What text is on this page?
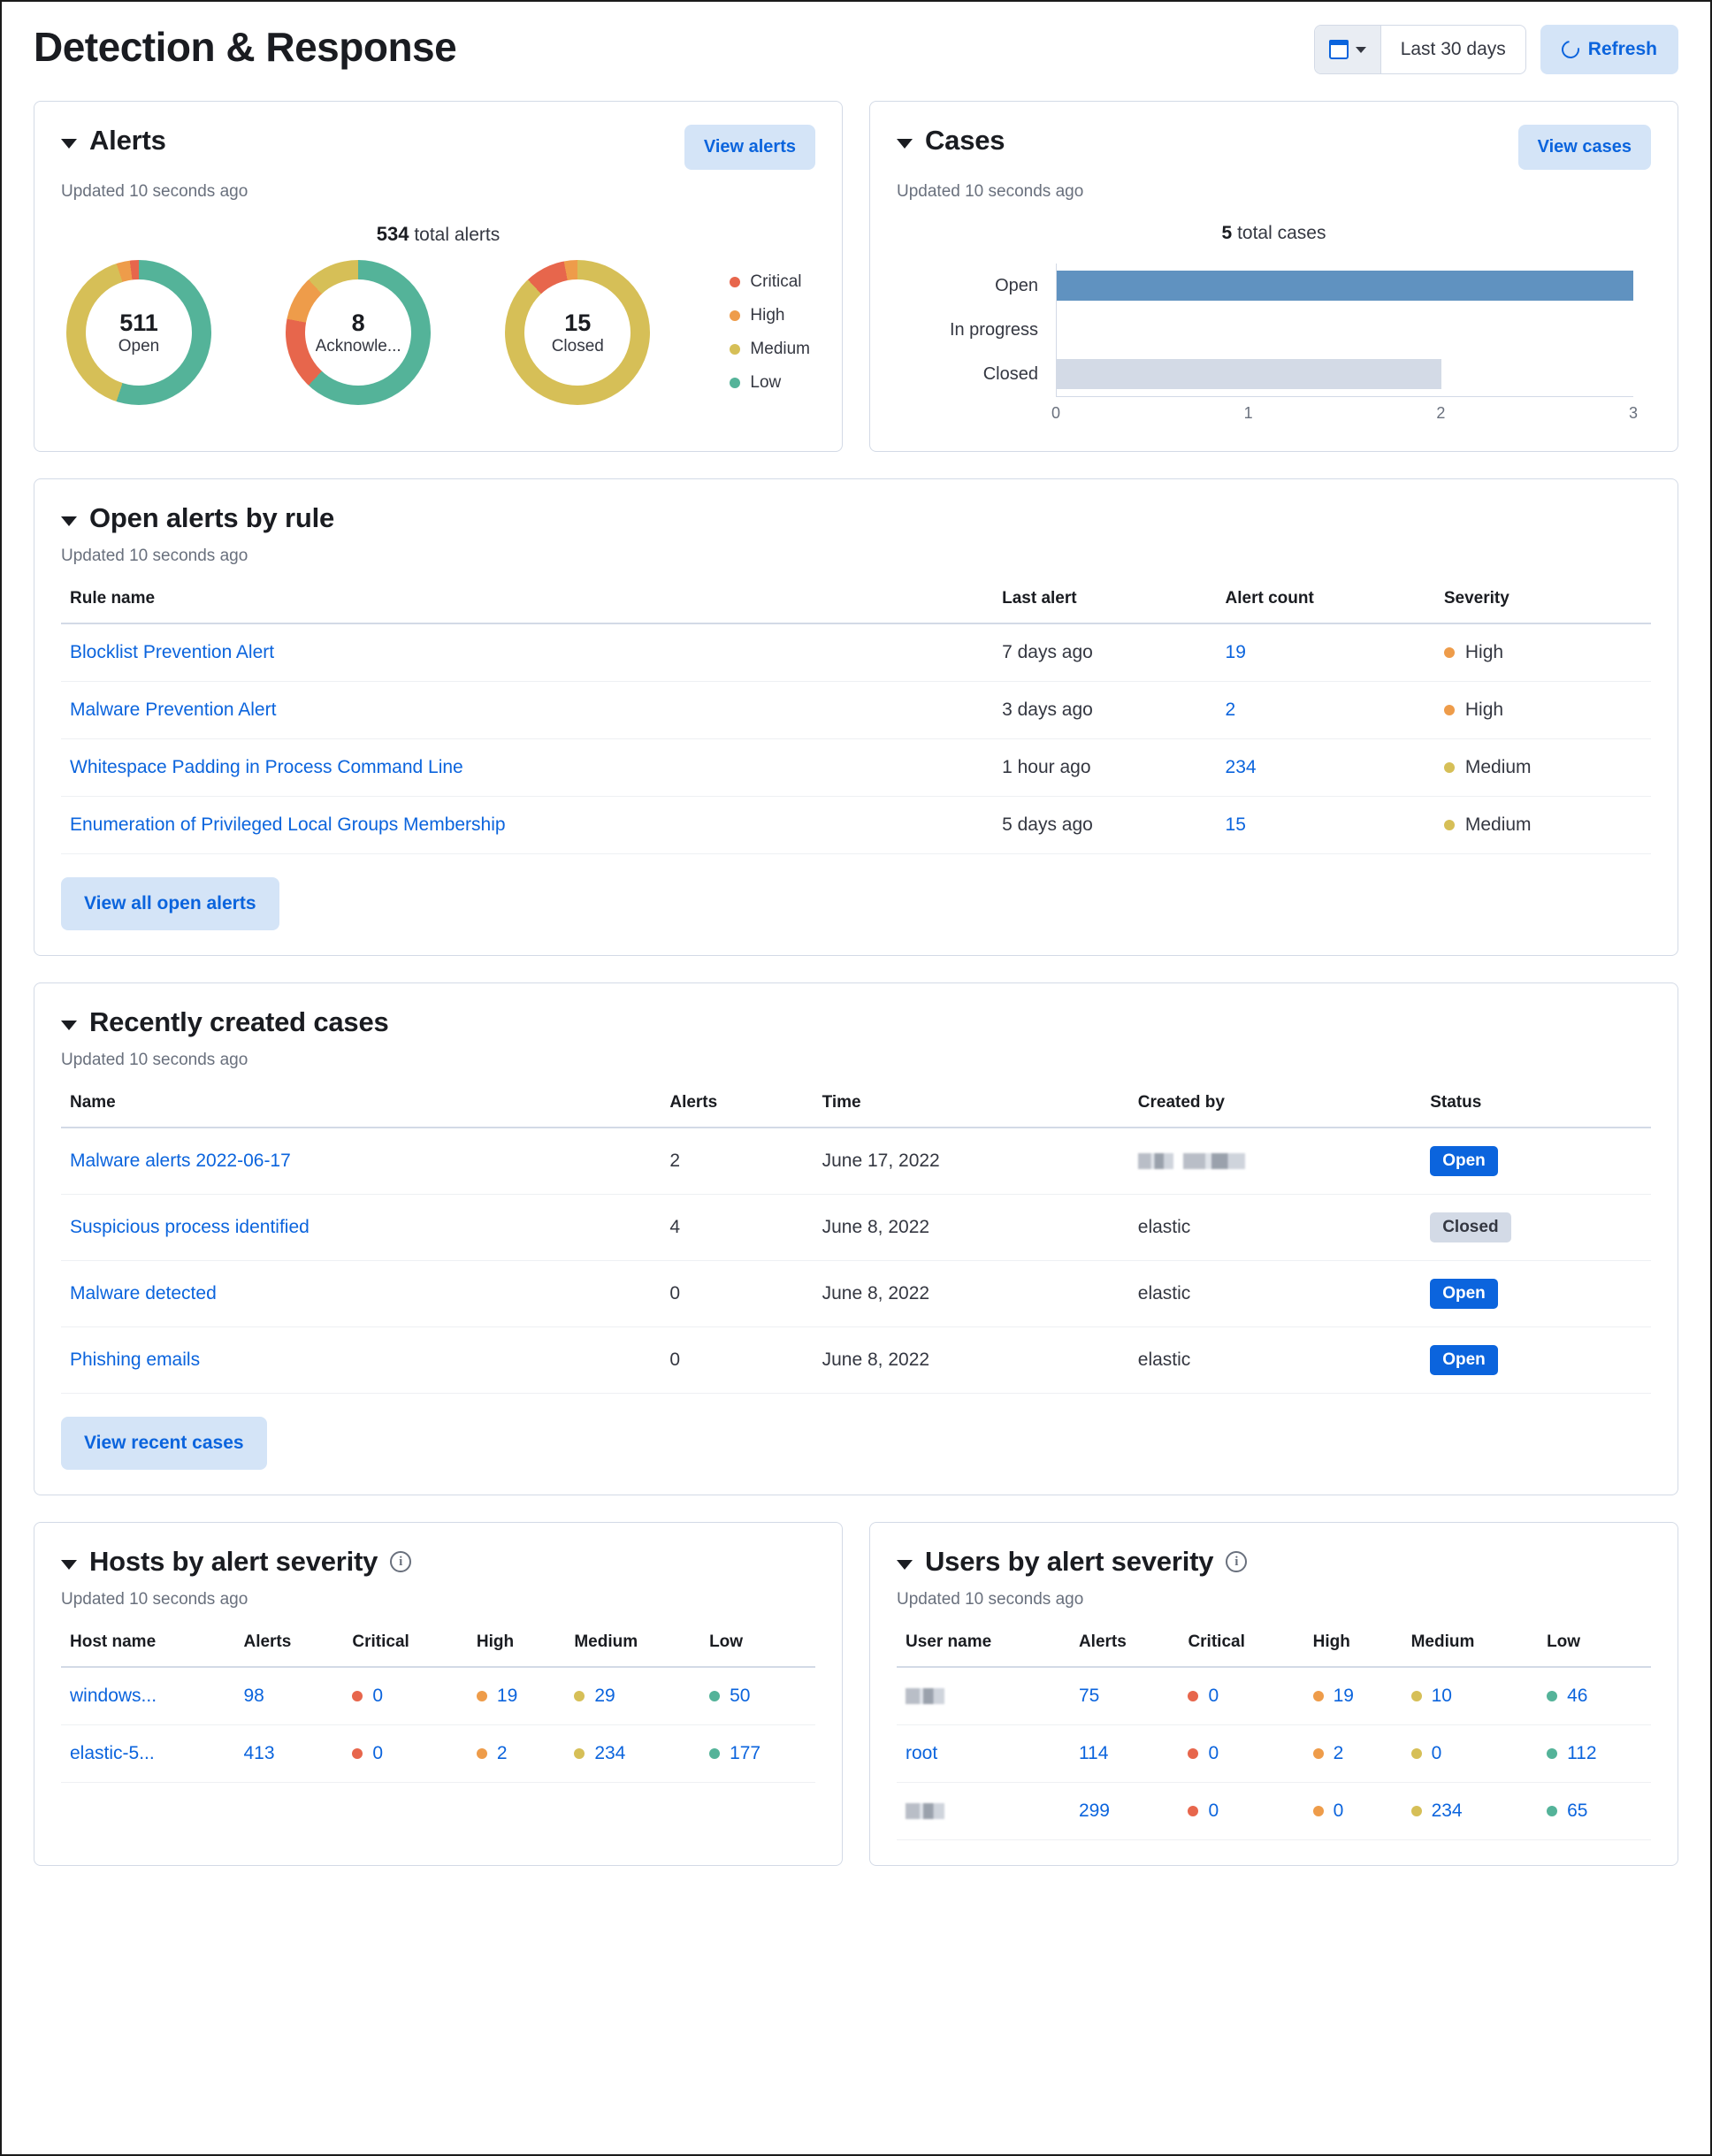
Detection & Response	Last 30 days	Refresh
Alerts	View alerts
Updated 10 seconds ago
534 total alerts
511
Open
8
Acknowle...
15
Closed
Critical
High
Medium
Low
Cases	View cases
Updated 10 seconds ago
5 total cases
Open
In progress
Closed
0	1	2	3
Open alerts by rule
Updated 10 seconds ago
Rule name	Last alert	Alert count	Severity
Blocklist Prevention Alert	7 days ago	19	High

Malware Prevention Alert	3 days ago	2	High

Whitespace Padding in Process Command Line	1 hour ago	234	Medium

Enumeration of Privileged Local Groups Membership	5 days ago	15	Medium
View all open alerts
Recently created cases
Updated 10 seconds ago
Name	Alerts	Time	Created by	Status
Malware alerts 2022-06-17	2	June 17, 2022		Open
Suspicious process identified	4	June 8, 2022	elastic	Closed
Malware detected	0	June 8, 2022	elastic	Open
Phishing emails	0	June 8, 2022	elastic	Open
View recent cases
Hosts by alert severity	i
Updated 10 seconds ago
Host name	Alerts	Critical	High	Medium	Low
windows...	98	0	19	29	50

elastic-5...	413	0	2	234	177
Users by alert severity	i
Updated 10 seconds ago
User name	Alerts	Critical	High	Medium	Low
	75	0	19	10	46

root	114	0	2	0	112

	299	0	0	234	65
